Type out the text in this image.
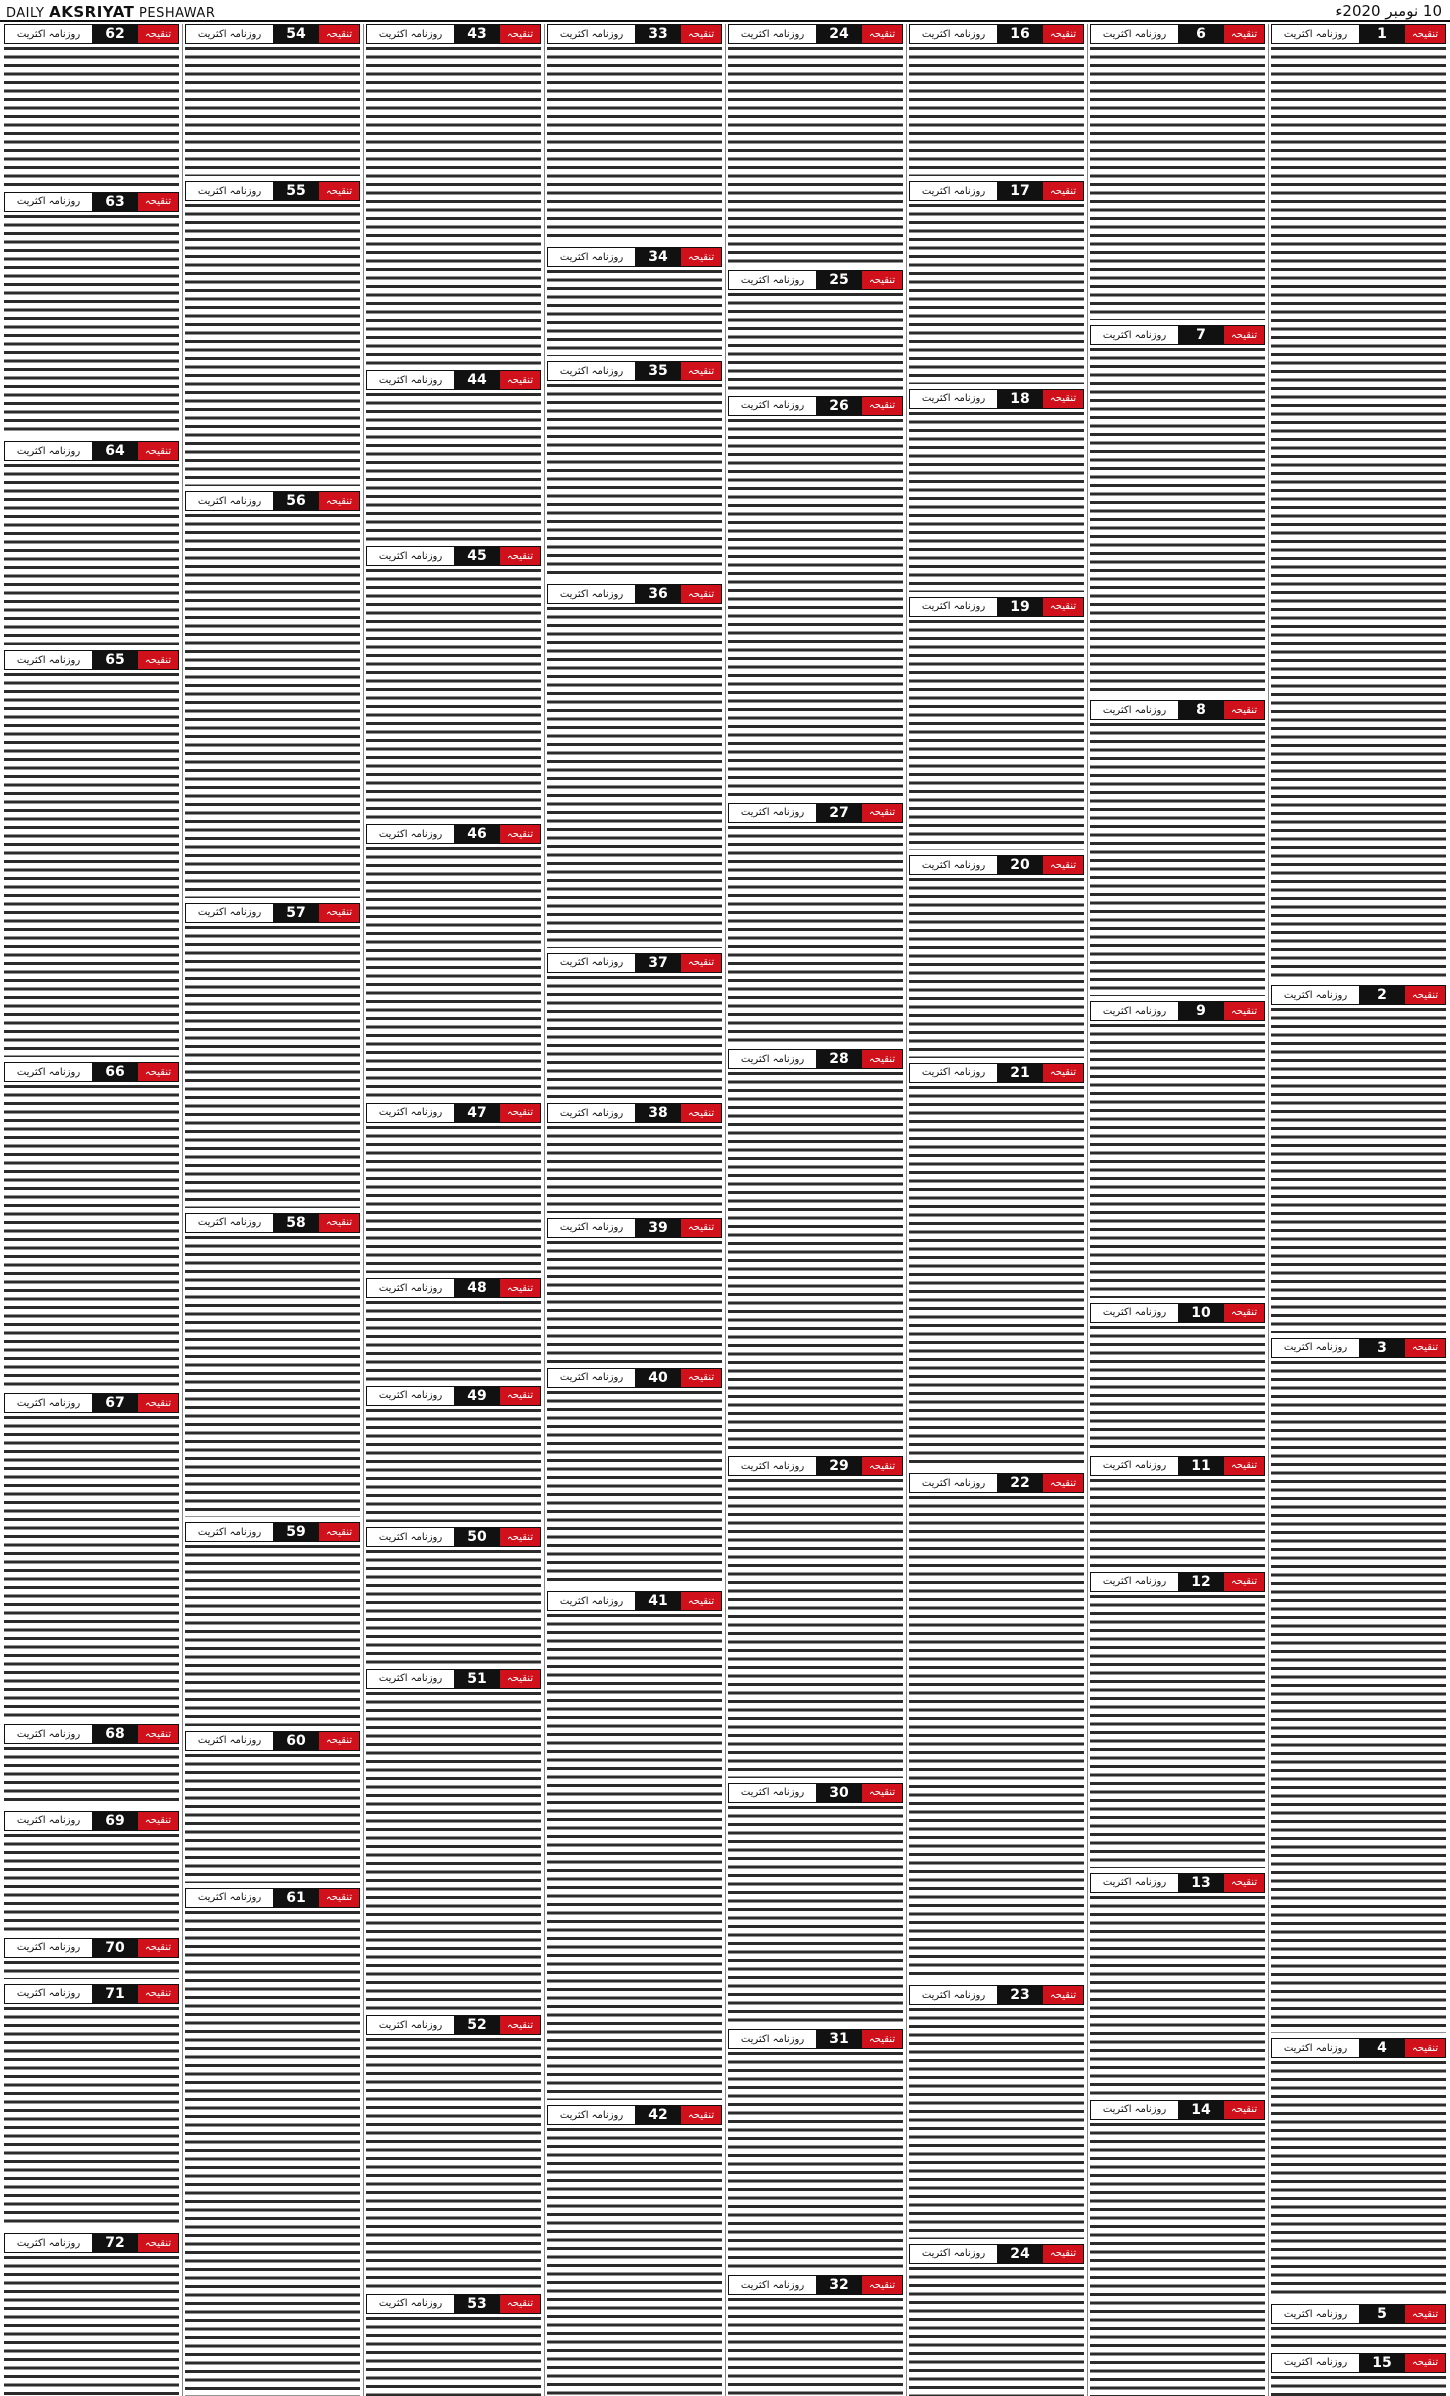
DAILY AKSRIYAT PESHAWAR	10 نومبر 2020ء
روزنامہ اکثریت	1	تنقیحہ
روزنامہ اکثریت	2	تنقیحہ
روزنامہ اکثریت	3	تنقیحہ
روزنامہ اکثریت	4	تنقیحہ
روزنامہ اکثریت	5	تنقیحہ
روزنامہ اکثریت	15	تنقیحہ
روزنامہ اکثریت	6	تنقیحہ
روزنامہ اکثریت	7	تنقیحہ
روزنامہ اکثریت	8	تنقیحہ
روزنامہ اکثریت	9	تنقیحہ
روزنامہ اکثریت	10	تنقیحہ
روزنامہ اکثریت	11	تنقیحہ
روزنامہ اکثریت	12	تنقیحہ
روزنامہ اکثریت	13	تنقیحہ
روزنامہ اکثریت	14	تنقیحہ
روزنامہ اکثریت	16	تنقیحہ
روزنامہ اکثریت	17	تنقیحہ
روزنامہ اکثریت	18	تنقیحہ
روزنامہ اکثریت	19	تنقیحہ
روزنامہ اکثریت	20	تنقیحہ
روزنامہ اکثریت	21	تنقیحہ
روزنامہ اکثریت	22	تنقیحہ
روزنامہ اکثریت	23	تنقیحہ
روزنامہ اکثریت	24	تنقیحہ
روزنامہ اکثریت	24	تنقیحہ
روزنامہ اکثریت	25	تنقیحہ
روزنامہ اکثریت	26	تنقیحہ
روزنامہ اکثریت	27	تنقیحہ
روزنامہ اکثریت	28	تنقیحہ
روزنامہ اکثریت	29	تنقیحہ
روزنامہ اکثریت	30	تنقیحہ
روزنامہ اکثریت	31	تنقیحہ
روزنامہ اکثریت	32	تنقیحہ
روزنامہ اکثریت	33	تنقیحہ
روزنامہ اکثریت	34	تنقیحہ
روزنامہ اکثریت	35	تنقیحہ
روزنامہ اکثریت	36	تنقیحہ
روزنامہ اکثریت	37	تنقیحہ
روزنامہ اکثریت	38	تنقیحہ
روزنامہ اکثریت	39	تنقیحہ
روزنامہ اکثریت	40	تنقیحہ
روزنامہ اکثریت	41	تنقیحہ
روزنامہ اکثریت	42	تنقیحہ
روزنامہ اکثریت	43	تنقیحہ
روزنامہ اکثریت	44	تنقیحہ
روزنامہ اکثریت	45	تنقیحہ
روزنامہ اکثریت	46	تنقیحہ
روزنامہ اکثریت	47	تنقیحہ
روزنامہ اکثریت	48	تنقیحہ
روزنامہ اکثریت	49	تنقیحہ
روزنامہ اکثریت	50	تنقیحہ
روزنامہ اکثریت	51	تنقیحہ
روزنامہ اکثریت	52	تنقیحہ
روزنامہ اکثریت	53	تنقیحہ
روزنامہ اکثریت	54	تنقیحہ
روزنامہ اکثریت	55	تنقیحہ
روزنامہ اکثریت	56	تنقیحہ
روزنامہ اکثریت	57	تنقیحہ
روزنامہ اکثریت	58	تنقیحہ
روزنامہ اکثریت	59	تنقیحہ
روزنامہ اکثریت	60	تنقیحہ
روزنامہ اکثریت	61	تنقیحہ
روزنامہ اکثریت	62	تنقیحہ
روزنامہ اکثریت	63	تنقیحہ
روزنامہ اکثریت	64	تنقیحہ
روزنامہ اکثریت	65	تنقیحہ
روزنامہ اکثریت	66	تنقیحہ
روزنامہ اکثریت	67	تنقیحہ
روزنامہ اکثریت	68	تنقیحہ
روزنامہ اکثریت	69	تنقیحہ
روزنامہ اکثریت	70	تنقیحہ
روزنامہ اکثریت	71	تنقیحہ
روزنامہ اکثریت	72	تنقیحہ
